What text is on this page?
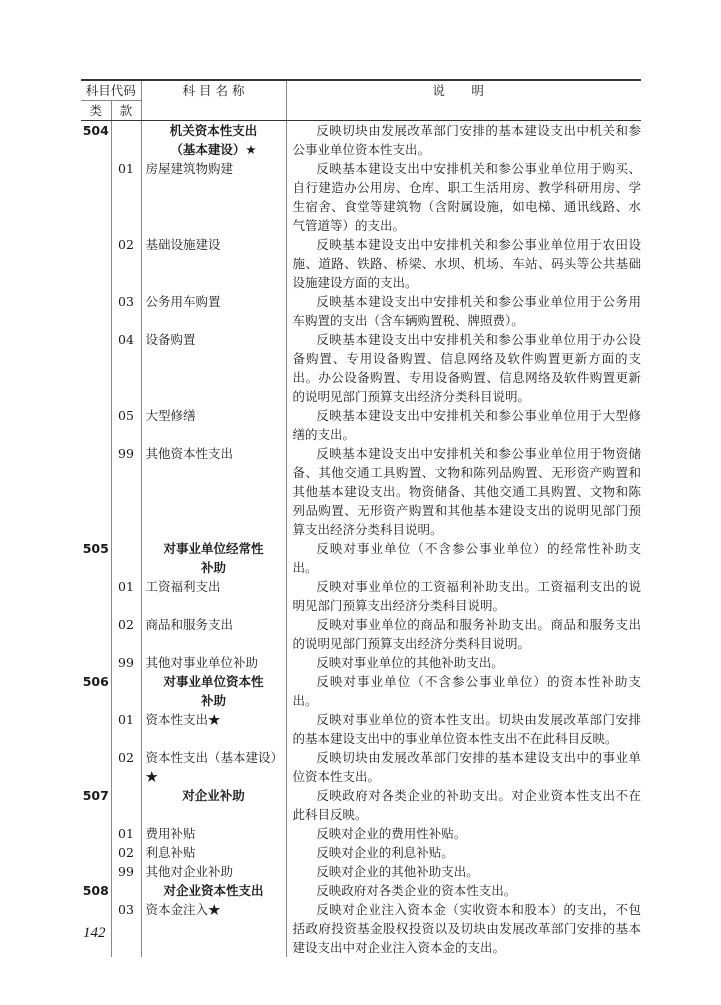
科目代码		科 目 名 称	说 明
类	款		
504		机关资本性支出（基本建设）★	反映切块由发展改革部门安排的基本建设支出中机关和参公事业单位资本性支出。
	01	房屋建筑物购建	反映基本建设支出中安排机关和参公事业单位用于购买、自行建造办公用房、仓库、职工生活用房、教学科研用房、学生宿舍、食堂等建筑物（含附属设施，如电梯、通讯线路、水气管道等）的支出。
	02	基础设施建设	反映基本建设支出中安排机关和参公事业单位用于农田设施、道路、铁路、桥梁、水坝、机场、车站、码头等公共基础设施建设方面的支出。
	03	公务用车购置	反映基本建设支出中安排机关和参公事业单位用于公务用车购置的支出（含车辆购置税、牌照费）。
	04	设备购置	反映基本建设支出中安排机关和参公事业单位用于办公设备购置、专用设备购置、信息网络及软件购置更新方面的支出。办公设备购置、专用设备购置、信息网络及软件购置更新的说明见部门预算支出经济分类科目说明。
	05	大型修缮	反映基本建设支出中安排机关和参公事业单位用于大型修缮的支出。
	99	其他资本性支出	反映基本建设支出中安排机关和参公事业单位用于物资储备、其他交通工具购置、文物和陈列品购置、无形资产购置和其他基本建设支出。物资储备、其他交通工具购置、文物和陈列品购置、无形资产购置和其他基本建设支出的说明见部门预算支出经济分类科目说明。
505		对事业单位经常性补助	反映对事业单位（不含参公事业单位）的经常性补助支出。
	01	工资福利支出	反映对事业单位的工资福利补助支出。工资福利支出的说明见部门预算支出经济分类科目说明。
	02	商品和服务支出	反映对事业单位的商品和服务补助支出。商品和服务支出的说明见部门预算支出经济分类科目说明。
	99	其他对事业单位补助	反映对事业单位的其他补助支出。
506		对事业单位资本性补助	反映对事业单位（不含参公事业单位）的资本性补助支出。
	01	资本性支出★	反映对事业单位的资本性支出。切块由发展改革部门安排的基本建设支出中的事业单位资本性支出不在此科目反映。
	02	资本性支出（基本建设）★	反映切块由发展改革部门安排的基本建设支出中的事业单位资本性支出。
507		对企业补助	反映政府对各类企业的补助支出。对企业资本性支出不在此科目反映。
	01	费用补贴	反映对企业的费用性补贴。
	02	利息补贴	反映对企业的利息补贴。
	99	其他对企业补助	反映对企业的其他补助支出。
508		对企业资本性支出	反映政府对各类企业的资本性支出。
	03	资本金注入★	反映对企业注入资本金（实收资本和股本）的支出，不包括政府投资基金股权投资以及切块由发展改革部门安排的基本建设支出中对企业注入资本金的支出。
142
